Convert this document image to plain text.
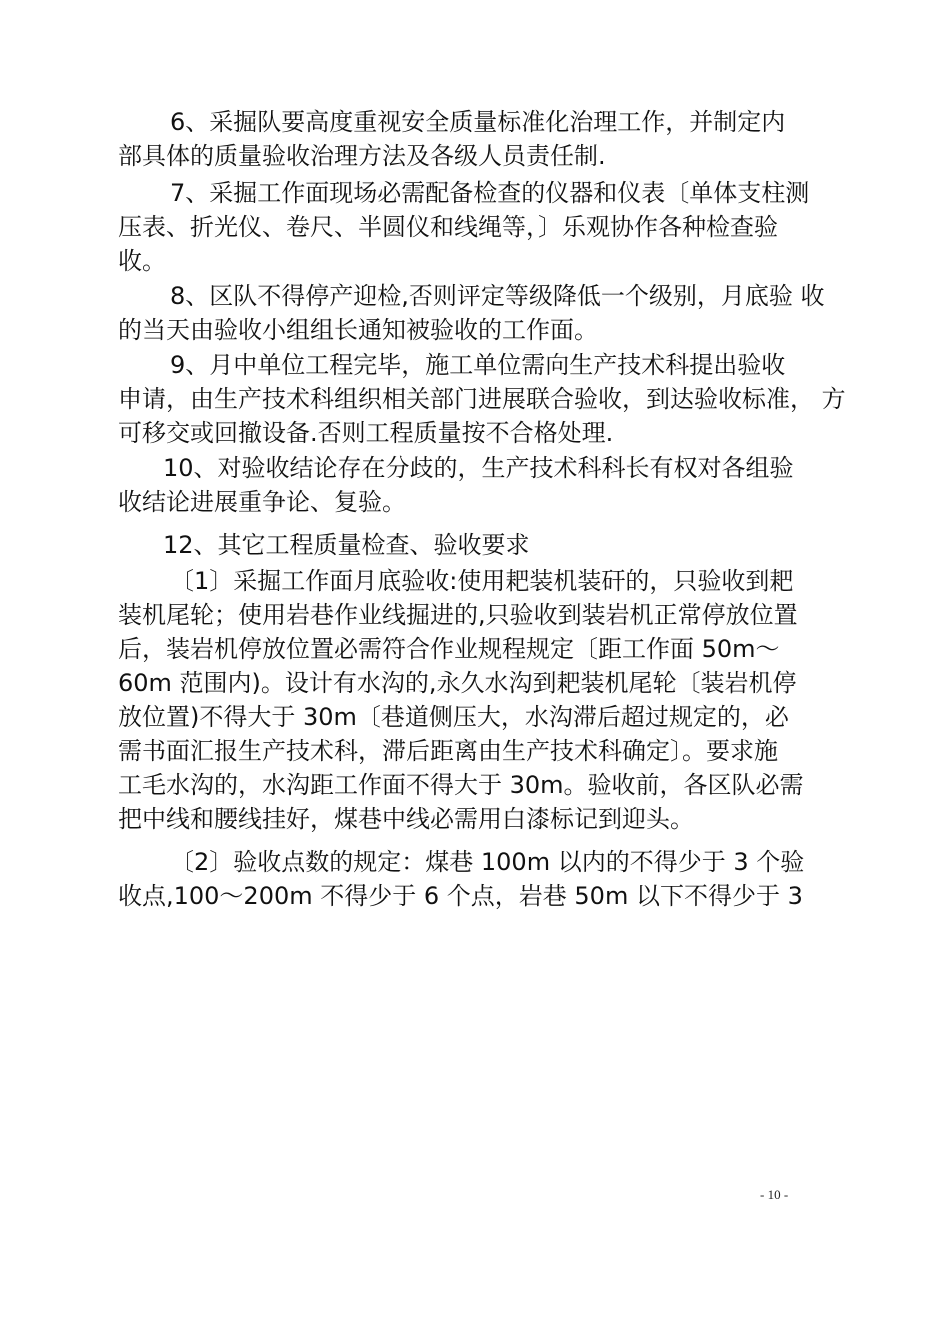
6、采掘队要高度重视安全质量标准化治理工作，并制定内
部具体的质量验收治理方法及各级人员责任制.
7、采掘工作面现场必需配备检查的仪器和仪表〔单体支柱测
压表、折光仪、卷尺、半圆仪和线绳等，〕乐观协作各种检查验
收。
8、区队不得停产迎检,否则评定等级降低一个级别，月底验 收
的当天由验收小组组长通知被验收的工作面。
9、月中单位工程完毕，施工单位需向生产技术科提出验收
申请，由生产技术科组织相关部门进展联合验收，到达验收标准， 方
可移交或回撤设备.否则工程质量按不合格处理.
10、对验收结论存在分歧的，生产技术科科长有权对各组验
收结论进展重争论、复验。
12、其它工程质量检查、验收要求
〔1〕采掘工作面月底验收:使用耙装机装矸的，只验收到耙
装机尾轮；使用岩巷作业线掘进的,只验收到装岩机正常停放位置
后，装岩机停放位置必需符合作业规程规定〔距工作面 50m～
60m 范围内)。设计有水沟的,永久水沟到耙装机尾轮〔装岩机停
放位置)不得大于 30m〔巷道侧压大，水沟滞后超过规定的，必
需书面汇报生产技术科，滞后距离由生产技术科确定〕。要求施
工毛水沟的，水沟距工作面不得大于 30m。验收前，各区队必需
把中线和腰线挂好，煤巷中线必需用白漆标记到迎头。
〔2〕验收点数的规定：煤巷 100m 以内的不得少于 3 个验
收点,100～200m 不得少于 6 个点，岩巷 50m 以下不得少于 3
- 10 -
